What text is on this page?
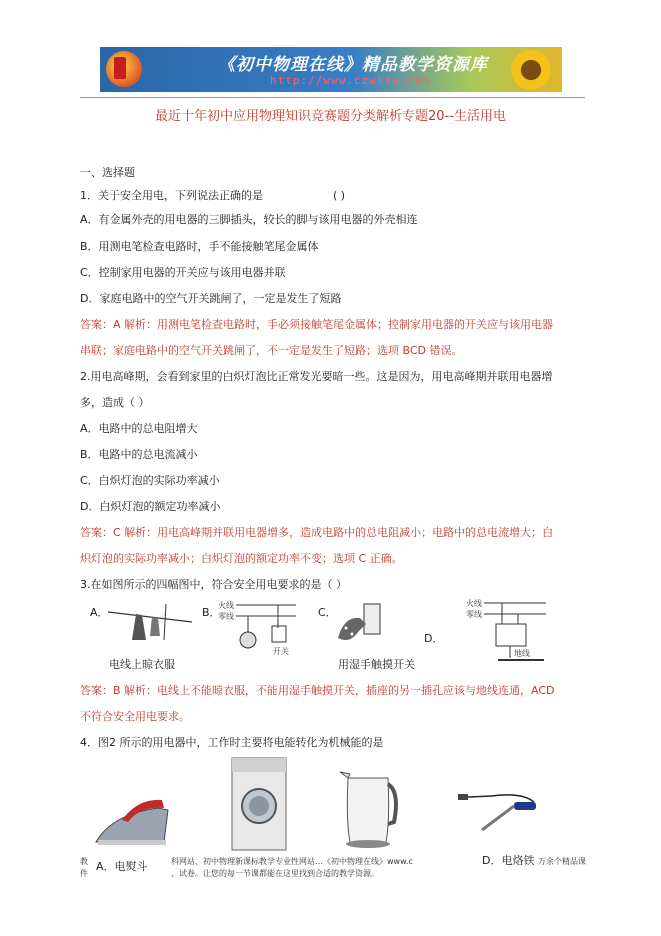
《初中物理在线》精品教学资源库
http://www.czwlzx.com
最近十年初中应用物理知识竞赛题分类解析专题20--生活用电
一、选择题
1．关于安全用电，下列说法正确的是	( )
A．有金属外壳的用电器的三脚插头，较长的脚与该用电器的外壳相连
B．用测电笔检查电路时，手不能接触笔尾金属体
C．控制家用电器的开关应与该用电器并联
D．家庭电路中的空气开关跳闸了，一定是发生了短路
答案：A 解析：用测电笔检查电路时，手必须接触笔尾金属体；控制家用电器的开关应与该用电器
串联；家庭电路中的空气开关跳闸了，不一定是发生了短路；选项 BCD 错误。
2.用电高峰期，会看到家里的白炽灯泡比正常发光要暗一些。这是因为，用电高峰期并联用电器增
多，造成（ ）
A．电路中的总电阻增大
B．电路中的总电流减小
C．白炽灯泡的实际功率减小
D．白炽灯泡的额定功率减小
答案：C 解析：用电高峰期并联用电器增多，造成电路中的总电阻减小；电路中的总电流增大；白
炽灯泡的实际功率减小；白炽灯泡的额定功率不变；选项 C 正确。
3.在如图所示的四幅图中，符合安全用电要求的是（ ）
A．
电线上晾衣服
B．
火线
零线
开关
C．
用湿手触摸开关
D．
火线
零线
地线
答案：B 解析：电线上不能晾衣服，不能用湿手触摸开关，插座的另一插孔应该与地线连通，ACD
不符合安全用电要求。
4．图2 所示的用电器中，工作时主要将电能转化为机械能的是
A．电熨斗	D．电烙铁
教	科网站、初中物理新课标教学专业性网站…《初中物理在线》www.c	万余个精品课
件	、试卷。让您的每一节课都能在这里找到合适的教学资源。
